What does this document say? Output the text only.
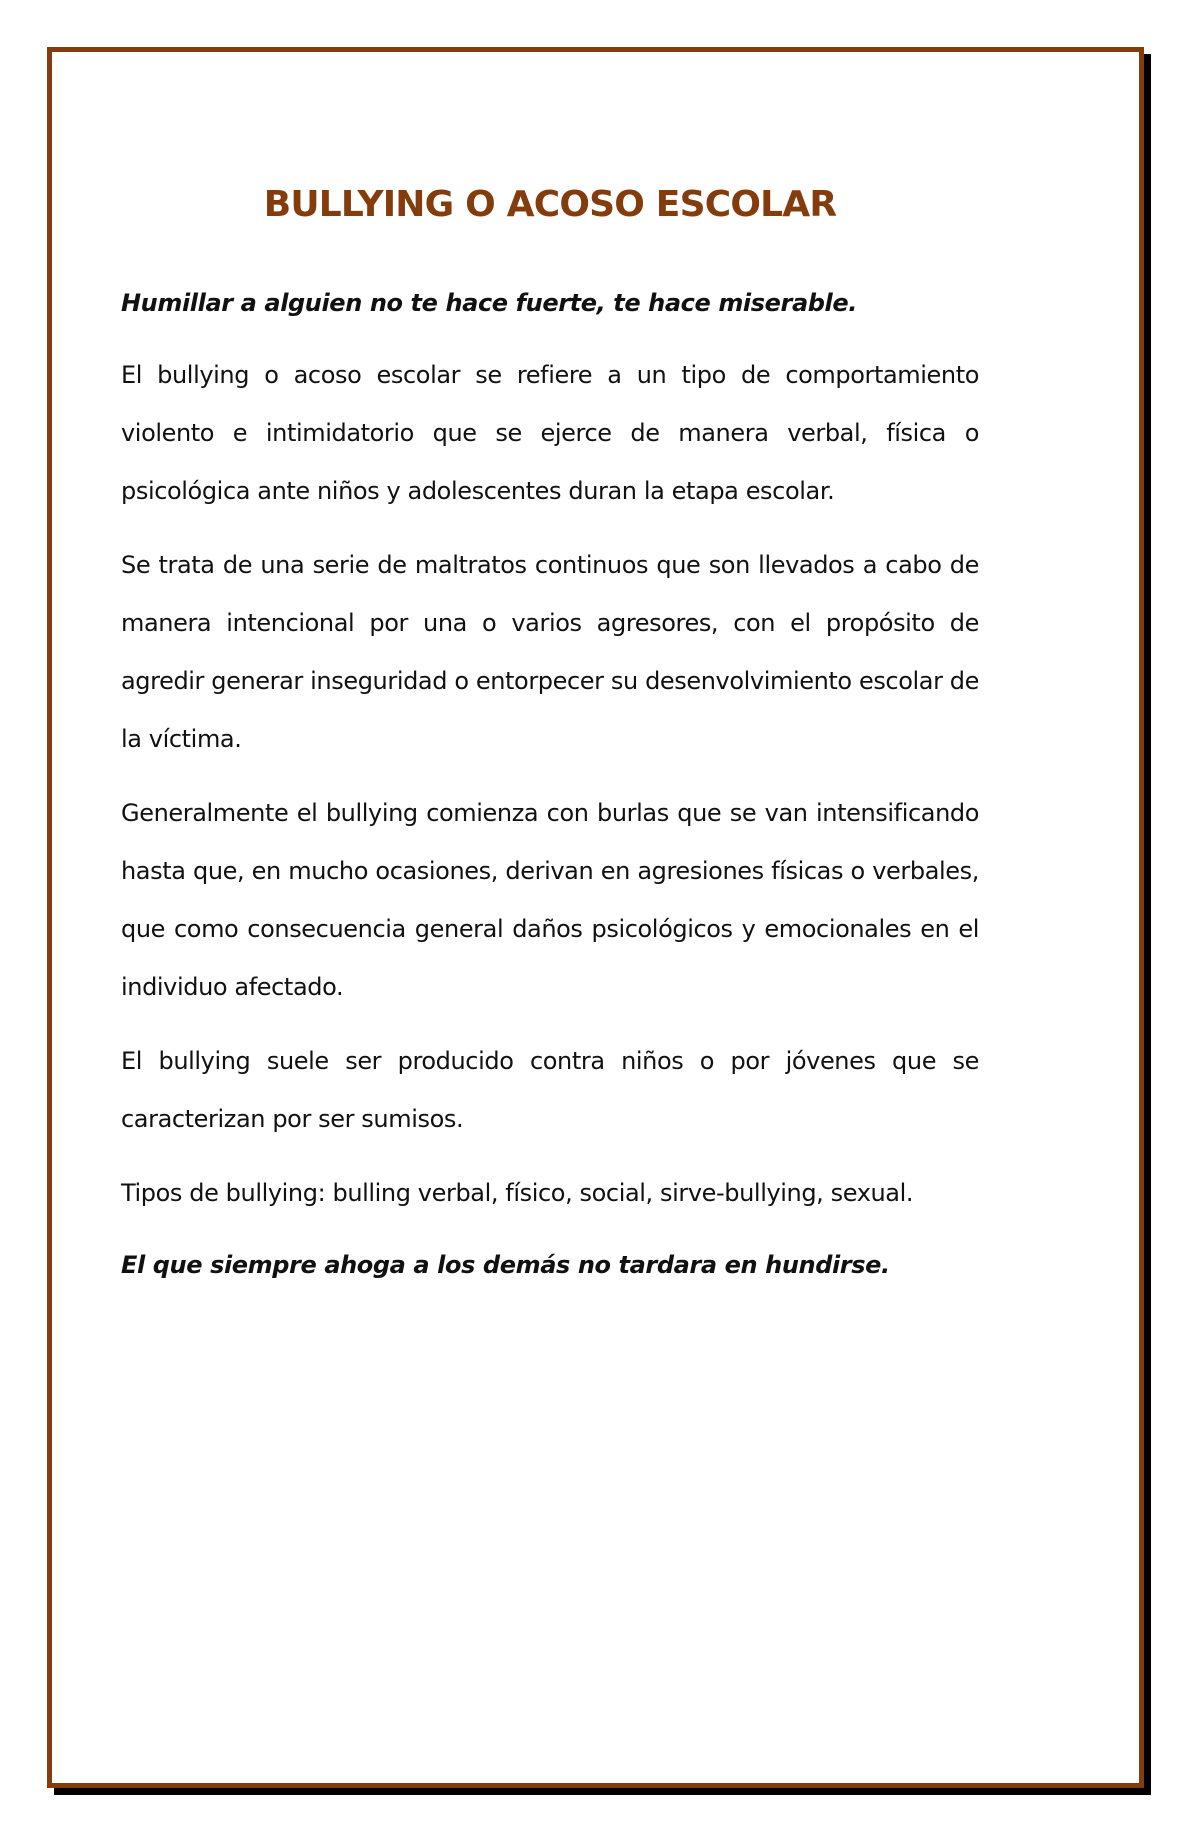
BULLYING O ACOSO ESCOLAR

Humillar a alguien no te hace fuerte, te hace miserable.

El bullying o acoso escolar se refiere a un tipo de comportamiento violento e intimidatorio que se ejerce de manera verbal, física o psicológica ante niños y adolescentes duran la etapa escolar.

Se trata de una serie de maltratos continuos que son llevados a cabo de manera intencional por una o varios agresores, con el propósito de agredir generar inseguridad o entorpecer su desenvolvimiento escolar de la víctima.

Generalmente el bullying comienza con burlas que se van intensificando hasta que, en mucho ocasiones, derivan en agresiones físicas o verbales, que como consecuencia general daños psicológicos y emocionales en el individuo afectado.

El bullying suele ser producido contra niños o por jóvenes que se caracterizan por ser sumisos.

Tipos de bullying: bulling verbal, físico, social, sirve-bullying, sexual.

El que siempre ahoga a los demás no tardara en hundirse.
